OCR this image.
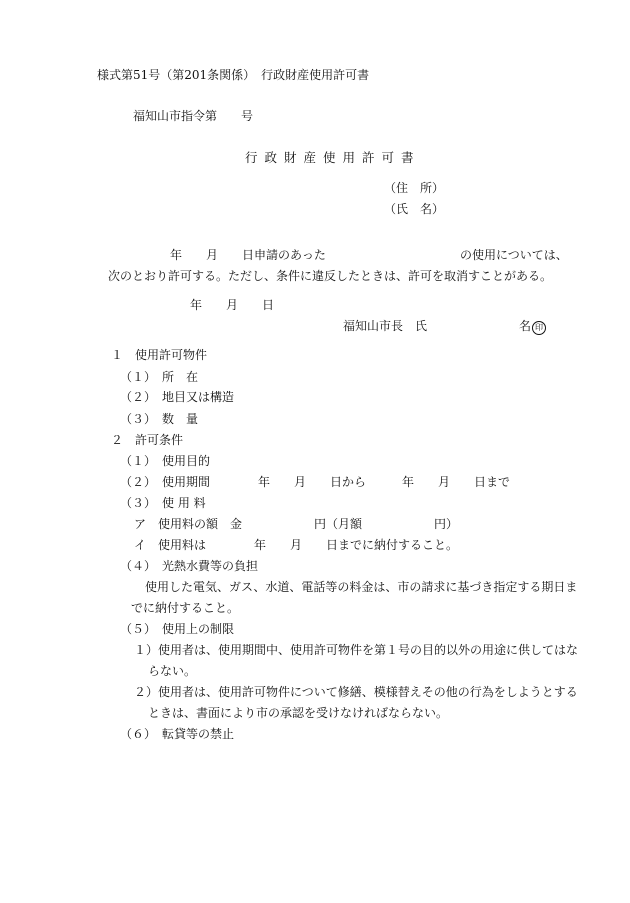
様式第51号（第201条関係）　行政財産使用許可書
福知山市指令第　　号
行政財産使用許可書
（住　所）
（氏　名）
年　　月　　日申請のあった	の使用については、
次のとおり許可する。ただし、条件に違反したときは、許可を取消すことがある。
年　　月　　日
福知山市長　氏	名 印
１　使用許可物件
（１）　所　在
（２）　地目又は構造
（３）　数　量
２　許可条件
（１）　使用目的
（２）　使用期間　　　　年　　月　　日から　　　年　　月　　日まで
（３）　使 用 料
ア　使用料の額　金　　　　　　円（月額　　　　　　円）
イ　使用料は　　　　年　　月　　日までに納付すること。
（４）　光熱水費等の負担
使用した電気、ガス、水道、電話等の料金は、市の請求に基づき指定する期日ま
でに納付すること。
（５）　使用上の制限
１）使用者は、使用期間中、使用許可物件を第１号の目的以外の用途に供してはな
らない。
２）使用者は、使用許可物件について修繕、模様替えその他の行為をしようとする
ときは、書面により市の承認を受けなければならない。
（６）　転貸等の禁止
